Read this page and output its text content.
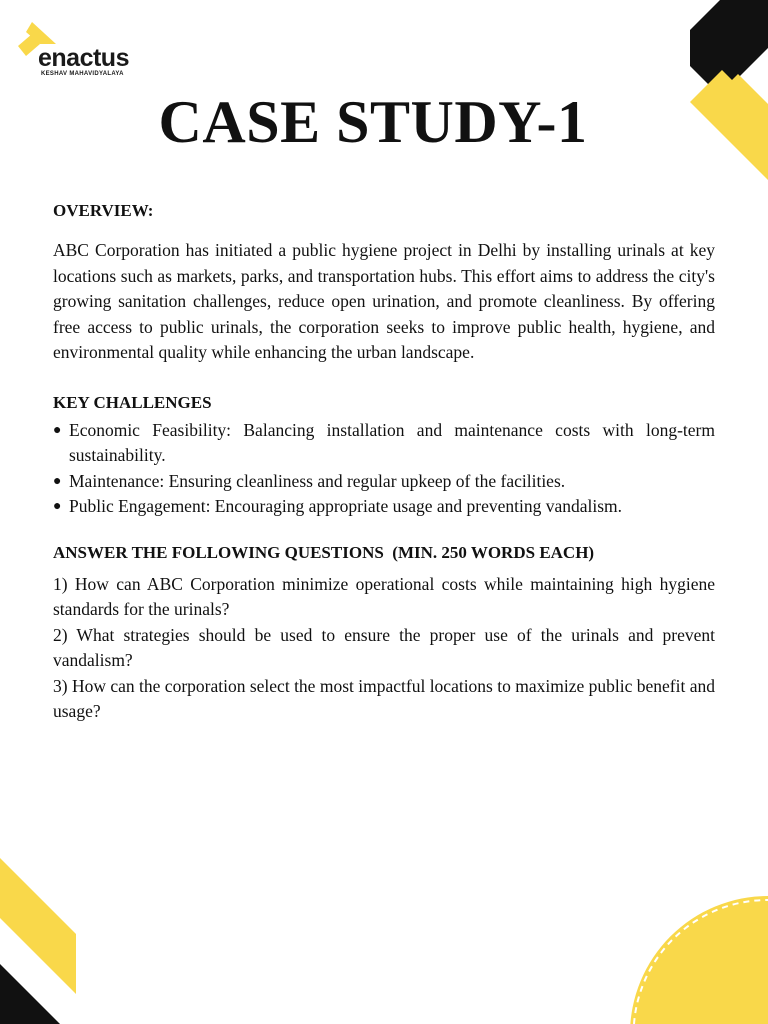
enactus
KESHAV MAHAVIDYALAYA
CASE STUDY-1
OVERVIEW:

ABC Corporation has initiated a public hygiene project in Delhi by installing urinals at key locations such as markets, parks, and transportation hubs. This effort aims to address the city's growing sanitation challenges, reduce open urination, and promote cleanliness. By offering free access to public urinals, the corporation seeks to improve public health, hygiene, and environmental quality while enhancing the urban landscape.

KEY CHALLENGES
● Economic Feasibility: Balancing installation and maintenance costs with long-term sustainability.
● Maintenance: Ensuring cleanliness and regular upkeep of the facilities.
● Public Engagement: Encouraging appropriate usage and preventing vandalism.
ANSWER THE FOLLOWING QUESTIONS  (MIN. 250 WORDS EACH)

1) How can ABC Corporation minimize operational costs while maintaining high hygiene standards for the urinals?

2) What strategies should be used to ensure the proper use of the urinals and prevent vandalism?

3) How can the corporation select the most impactful locations to maximize public benefit and usage?
